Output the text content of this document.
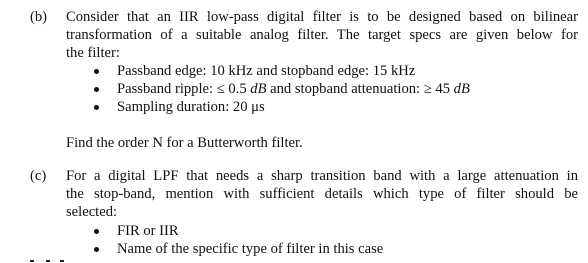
(b) Consider that an IIR low-pass digital filter is to be designed based on bilinear
transformation of a suitable analog filter. The target specs are given below for
the filter:

Passband edge: 10 kHz and stopband edge: 15 kHz
Passband ripple: ≤ 0.5 dB and stopband attenuation: ≥ 45 dB
Sampling duration: 20 μs

Find the order N for a Butterworth filter.

(c) For a digital LPF that needs a sharp transition band with a large attenuation in
the stop-band, mention with sufficient details which type of filter should be
selected:

FIR or IIR
Name of the specific type of filter in this case
